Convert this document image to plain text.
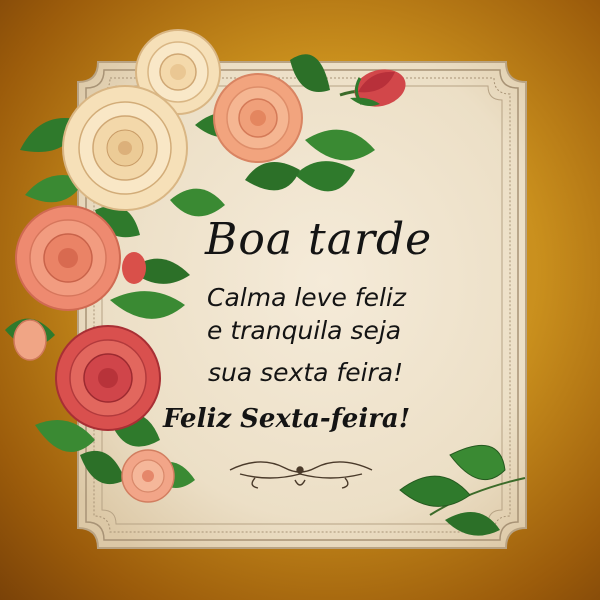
Boa tarde
Calma leve feliz
e tranquila seja
sua sexta feira!
Feliz Sexta-feira!
